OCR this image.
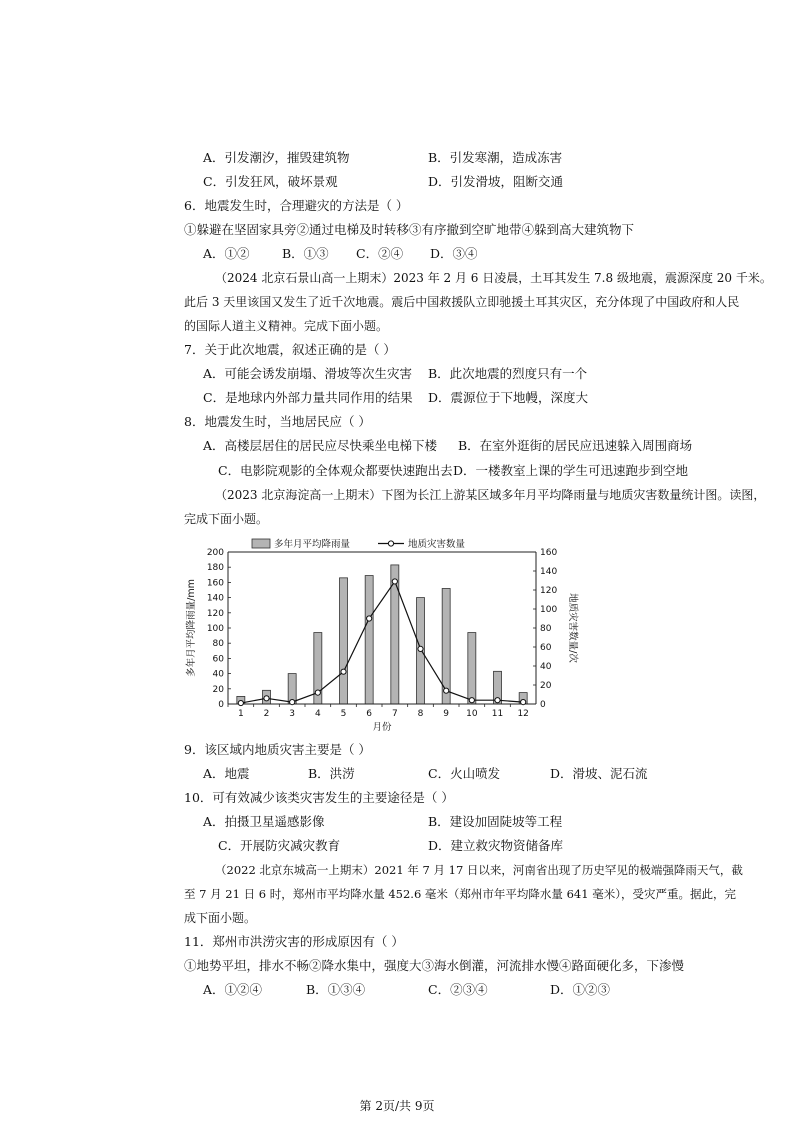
A．引发潮汐，摧毁建筑物	B．引发寒潮，造成冻害
C．引发狂风，破坏景观	D．引发滑坡，阻断交通
6．地震发生时，合理避灾的方法是（ ）
①躲避在坚固家具旁②通过电梯及时转移③有序撤到空旷地带④躲到高大建筑物下
A．①②	B．①③ C．②④ D．③④
（2024 北京石景山高一上期末）2023 年 2 月 6 日凌晨，土耳其发生 7.8 级地震，震源深度 20 千米。
此后 3 天里该国又发生了近千次地震。震后中国救援队立即驰援土耳其灾区，充分体现了中国政府和人民
的国际人道主义精神。完成下面小题。
7．关于此次地震，叙述正确的是（ ）
A．可能会诱发崩塌、滑坡等次生灾害 B．此次地震的烈度只有一个
C．是地球内外部力量共同作用的结果 D．震源位于下地幔，深度大
8．地震发生时，当地居民应（ ）
A．高楼层居住的居民应尽快乘坐电梯下楼 B．在室外逛街的居民应迅速躲入周围商场
C．电影院观影的全体观众都要快速跑出去 D．一楼教室上课的学生可迅速跑步到空地
（2023 北京海淀高一上期末）下图为长江上游某区域多年月平均降雨量与地质灾害数量统计图。读图，
完成下面小题。
0
20
40
60
80
100
120
140
160
180
200
0
20
40
60
80
100
120
140
160
1 2 3 4 5 6 7 8 9 10 11 12
月份
多年月平均降雨量/mm	地质灾害数量/次
多年月平均降雨量	地质灾害数量
9．该区域内地质灾害主要是（ ）
A．地震	B．洪涝	C．火山喷发	D．滑坡、泥石流
10．可有效减少该类灾害发生的主要途径是（ ）
A．拍摄卫星遥感影像	B．建设加固陡坡等工程
C．开展防灾减灾教育	D．建立救灾物资储备库
（2022 北京东城高一上期末）2021 年 7 月 17 日以来，河南省出现了历史罕见的极端强降雨天气，截
至 7 月 21 日 6 时，郑州市平均降水量 452.6 毫米（郑州市年平均降水量 641 毫米），受灾严重。据此，完
成下面小题。
11．郑州市洪涝灾害的形成原因有（ ）
①地势平坦，排水不畅②降水集中，强度大③海水倒灌，河流排水慢④路面硬化多，下渗慢
A．①②④	B．①③④	C．②③④	D．①②③
第 2页/共 9页
